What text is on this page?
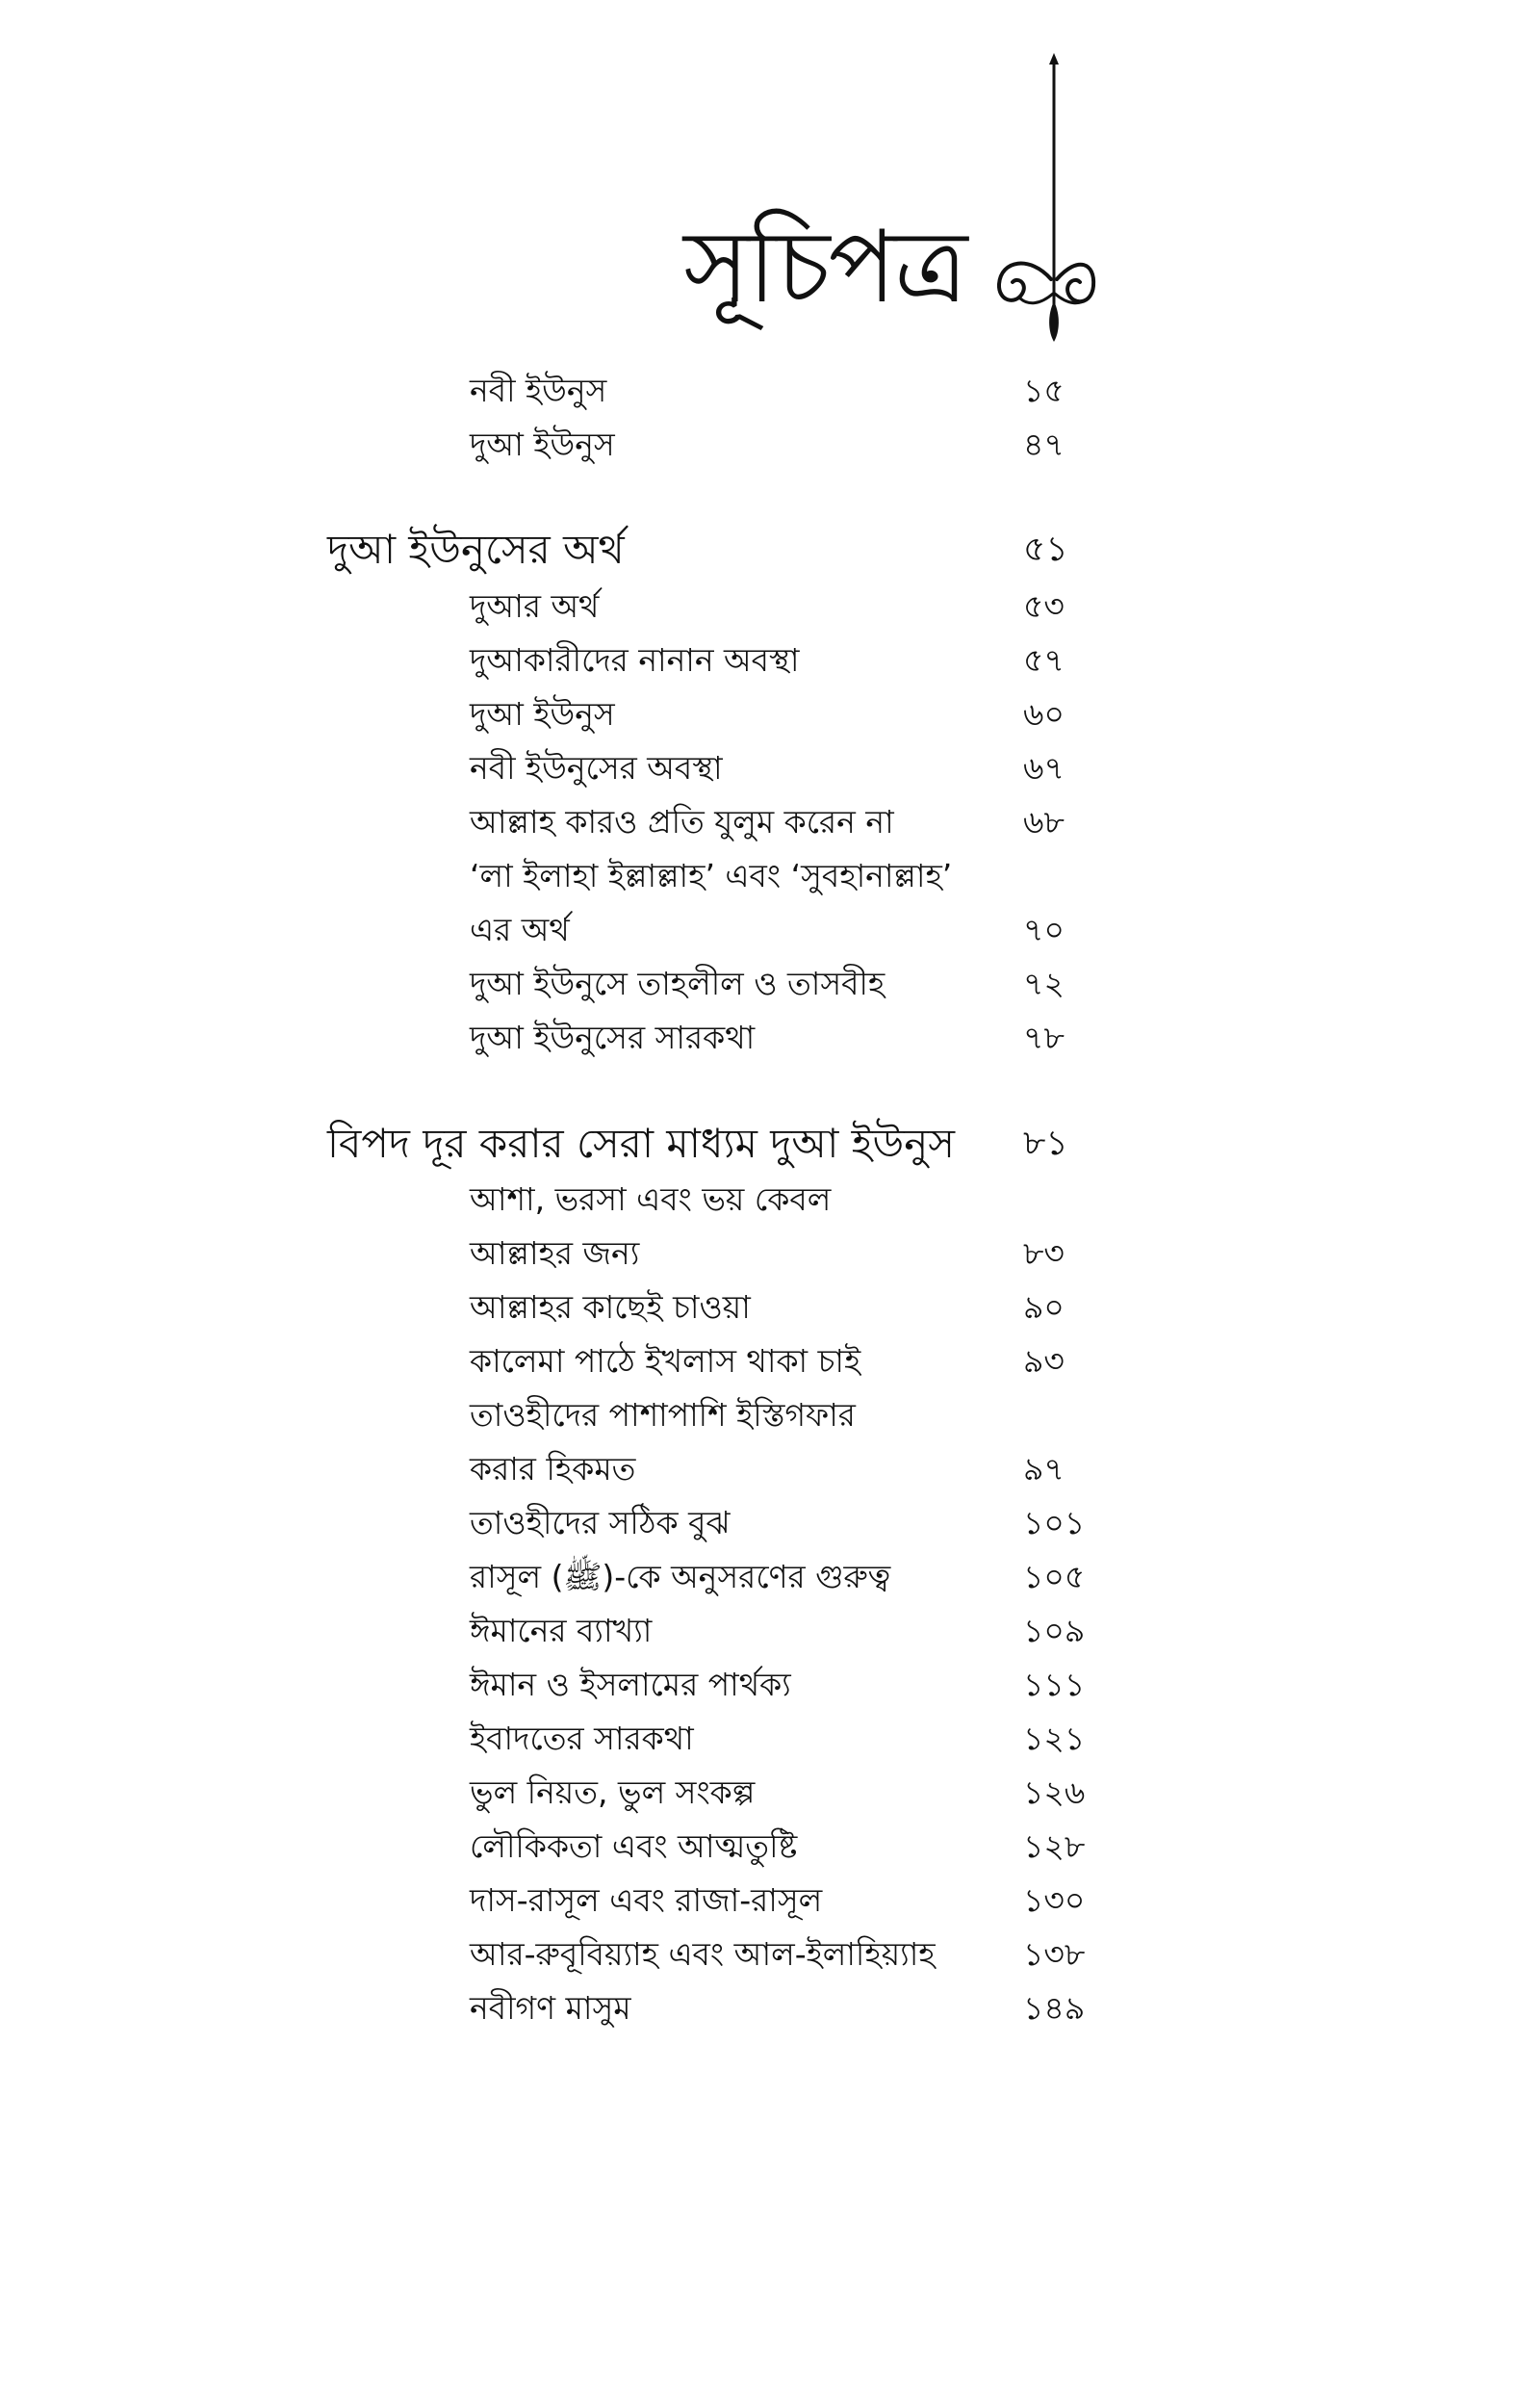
সূচিপত্র
নবী ইউনুস	১৫
দুআ ইউনুস	৪৭
দুআ ইউনুসের অর্থ	৫১
দুআর অর্থ	৫৩
দুআকারীদের নানান অবস্থা	৫৭
দুআ ইউনুস	৬০
নবী ইউনুসের অবস্থা	৬৭
আল্লাহ কারও প্রতি যুলুম করেন না	৬৮
‘লা ইলাহা ইল্লাল্লাহ’ এবং ‘সুবহানাল্লাহ’
এর অর্থ	৭০
দুআ ইউনুসে তাহলীল ও তাসবীহ	৭২
দুআ ইউনুসের সারকথা	৭৮
বিপদ দূর করার সেরা মাধ্যম দুআ ইউনুস ৮১
আশা, ভরসা এবং ভয় কেবল
আল্লাহর জন্য	৮৩
আল্লাহর কাছেই চাওয়া	৯০
কালেমা পাঠে ইখলাস থাকা চাই	৯৩
তাওহীদের পাশাপাশি ইস্তিগফার
করার হিকমত	৯৭
তাওহীদের সঠিক বুঝ	১০১
রাসূল (ﷺ)-কে অনুসরণের গুরুত্ব	১০৫
ঈমানের ব্যাখ্যা	১০৯
ঈমান ও ইসলামের পার্থক্য	১১১
ইবাদতের সারকথা	১২১
ভুল নিয়ত, ভুল সংকল্প	১২৬
লৌকিকতা এবং আত্মতুষ্টি	১২৮
দাস-রাসূল এবং রাজা-রাসূল	১৩০
আর-রুবূবিয়্যাহ এবং আল-ইলাহিয়্যাহ	১৩৮
নবীগণ মাসুম	১৪৯
